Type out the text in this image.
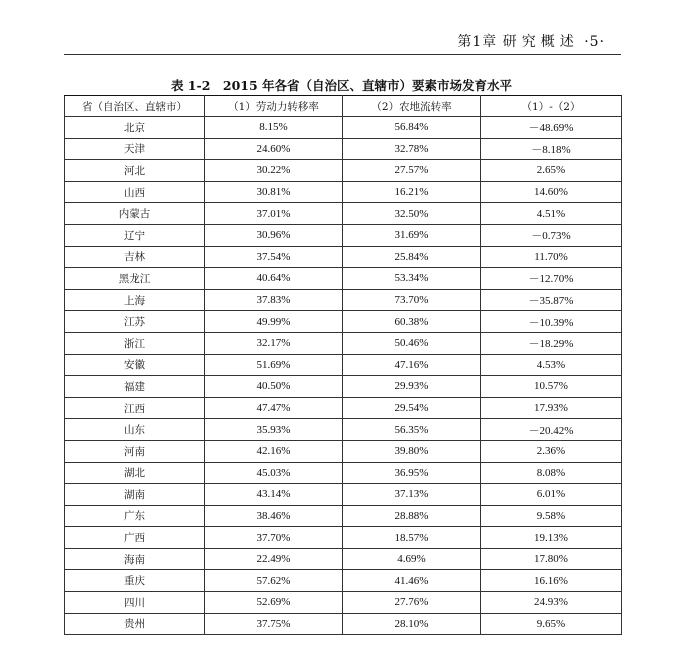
第1章 研究概述 ·5·
表 1-2　2015 年各省（自治区、直辖市）要素市场发育水平
省（自治区、直辖市）	（1）劳动力转移率	（2）农地流转率	（1）-（2）
北京	8.15%	56.84%	－48.69%
天津	24.60%	32.78%	－8.18%
河北	30.22%	27.57%	2.65%
山西	30.81%	16.21%	14.60%
内蒙古	37.01%	32.50%	4.51%
辽宁	30.96%	31.69%	－0.73%
吉林	37.54%	25.84%	11.70%
黑龙江	40.64%	53.34%	－12.70%
上海	37.83%	73.70%	－35.87%
江苏	49.99%	60.38%	－10.39%
浙江	32.17%	50.46%	－18.29%
安徽	51.69%	47.16%	4.53%
福建	40.50%	29.93%	10.57%
江西	47.47%	29.54%	17.93%
山东	35.93%	56.35%	－20.42%
河南	42.16%	39.80%	2.36%
湖北	45.03%	36.95%	8.08%
湖南	43.14%	37.13%	6.01%
广东	38.46%	28.88%	9.58%
广西	37.70%	18.57%	19.13%
海南	22.49%	4.69%	17.80%
重庆	57.62%	41.46%	16.16%
四川	52.69%	27.76%	24.93%
贵州	37.75%	28.10%	9.65%
